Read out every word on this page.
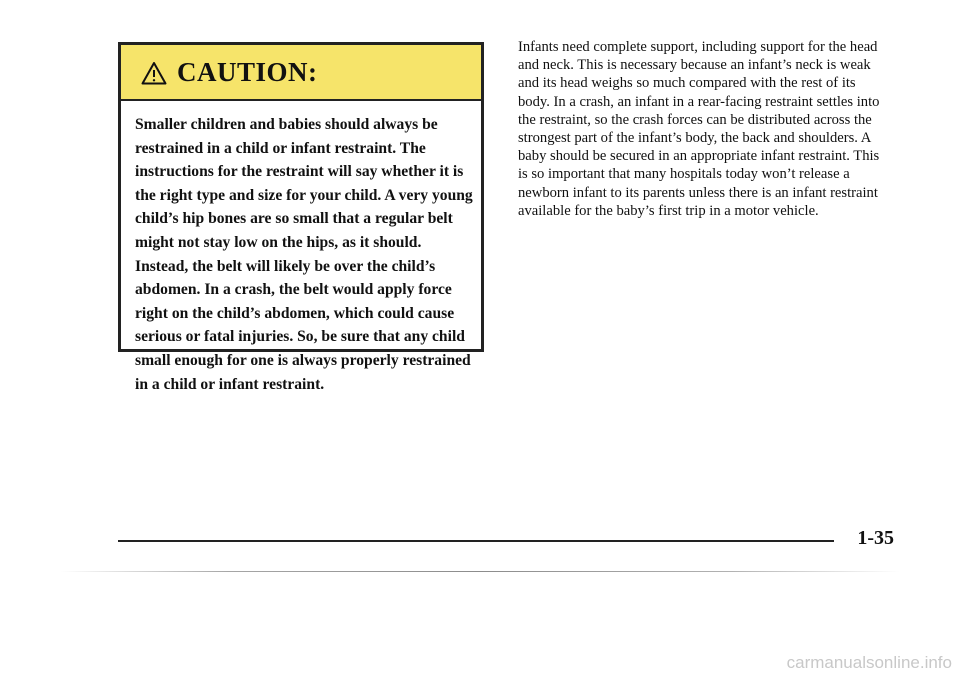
CAUTION:
Smaller children and babies should always be restrained in a child or infant restraint. The instructions for the restraint will say whether it is the right type and size for your child. A very young child’s hip bones are so small that a regular belt might not stay low on the hips, as it should. Instead, the belt will likely be over the child’s abdomen. In a crash, the belt would apply force right on the child’s abdomen, which could cause serious or fatal injuries. So, be sure that any child small enough for one is always properly restrained in a child or infant restraint.
Infants need complete support, including support for the head and neck. This is necessary because an infant’s neck is weak and its head weighs so much compared with the rest of its body. In a crash, an infant in a rear-facing restraint settles into the restraint, so the crash forces can be distributed across the strongest part of the infant’s body, the back and shoulders. A baby should be secured in an appropriate infant restraint. This is so important that many hospitals today won’t release a newborn infant to its parents unless there is an infant restraint available for the baby’s first trip in a motor vehicle.
1-35
carmanualsonline.info
